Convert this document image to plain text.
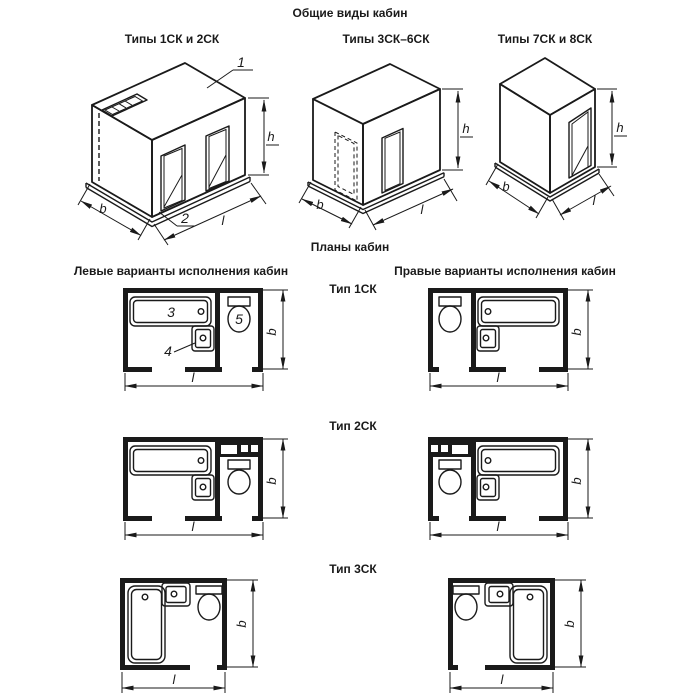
Общие виды кабин
Типы 1СК и 2СК	Типы 3СК–6СК	Типы 7СК и 8СК
Планы кабин
Левые варианты исполнения кабин	Правые варианты исполнения кабин
Тип 1СК
Тип 2СК
Тип 3СК
h
b
l
1
2
h
b	l
h
b
l
3
4
5
b
l
b
l
b
l
b
l
b
l
b
l
